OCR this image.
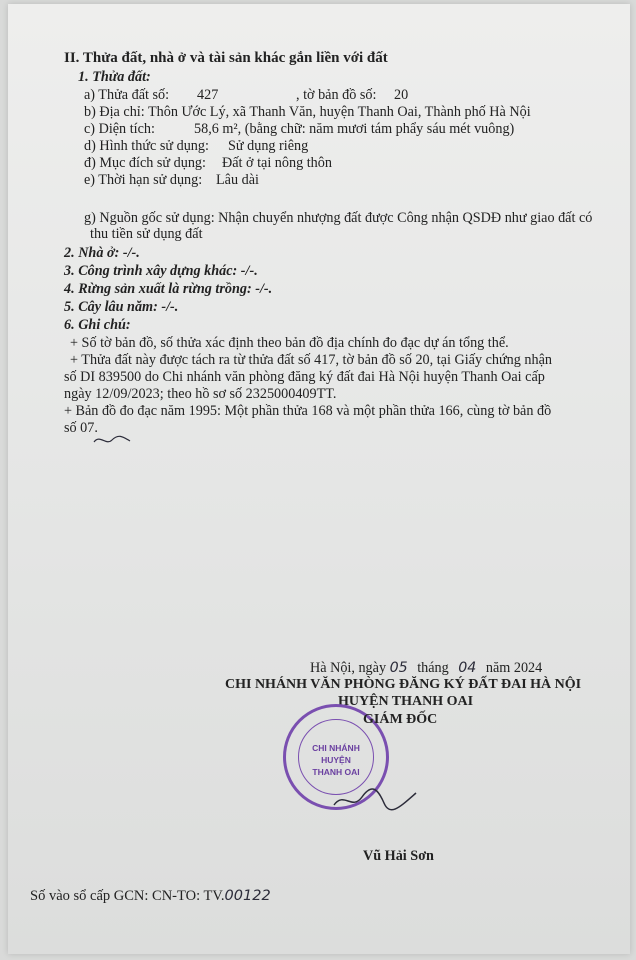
II. Thửa đất, nhà ở và tài sản khác gắn liền với đất
1. Thửa đất:
a) Thửa đất số: 427	, tờ bản đồ số: 20
b) Địa chỉ: Thôn Ước Lý, xã Thanh Văn, huyện Thanh Oai, Thành phố Hà Nội
c) Diện tích:	58,6 m², (bằng chữ: năm mươi tám phẩy sáu mét vuông)
d) Hình thức sử dụng: Sử dụng riêng
đ) Mục đích sử dụng: Đất ở tại nông thôn
e) Thời hạn sử dụng: Lâu dài
g) Nguồn gốc sử dụng: Nhận chuyển nhượng đất được Công nhận QSDĐ như giao đất có
thu tiền sử dụng đất
2. Nhà ở: -/-.
3. Công trình xây dựng khác: -/-.
4. Rừng sản xuất là rừng trồng: -/-.
5. Cây lâu năm: -/-.
6. Ghi chú:
+ Số tờ bản đồ, số thửa xác định theo bản đồ địa chính đo đạc dự án tổng thể.
+ Thửa đất này được tách ra từ thửa đất số 417, tờ bản đồ số 20, tại Giấy chứng nhận
số DI 839500 do Chi nhánh văn phòng đăng ký đất đai Hà Nội huyện Thanh Oai cấp
ngày 12/09/2023; theo hồ sơ số 2325000409TT.
+ Bản đồ đo đạc năm 1995: Một phần thửa 168 và một phần thửa 166, cùng tờ bản đồ
số 07.
Hà Nội, ngày 05 tháng 04 năm 2024
CHI NHÁNH VĂN PHÒNG ĐĂNG KÝ ĐẤT ĐAI HÀ NỘI
HUYỆN THANH OAI
CHI NHÁNH
HUYỆN
THANH OAI
GIÁM ĐỐC
Vũ Hải Sơn
Số vào sổ cấp GCN: CN-TO: TV.00122
